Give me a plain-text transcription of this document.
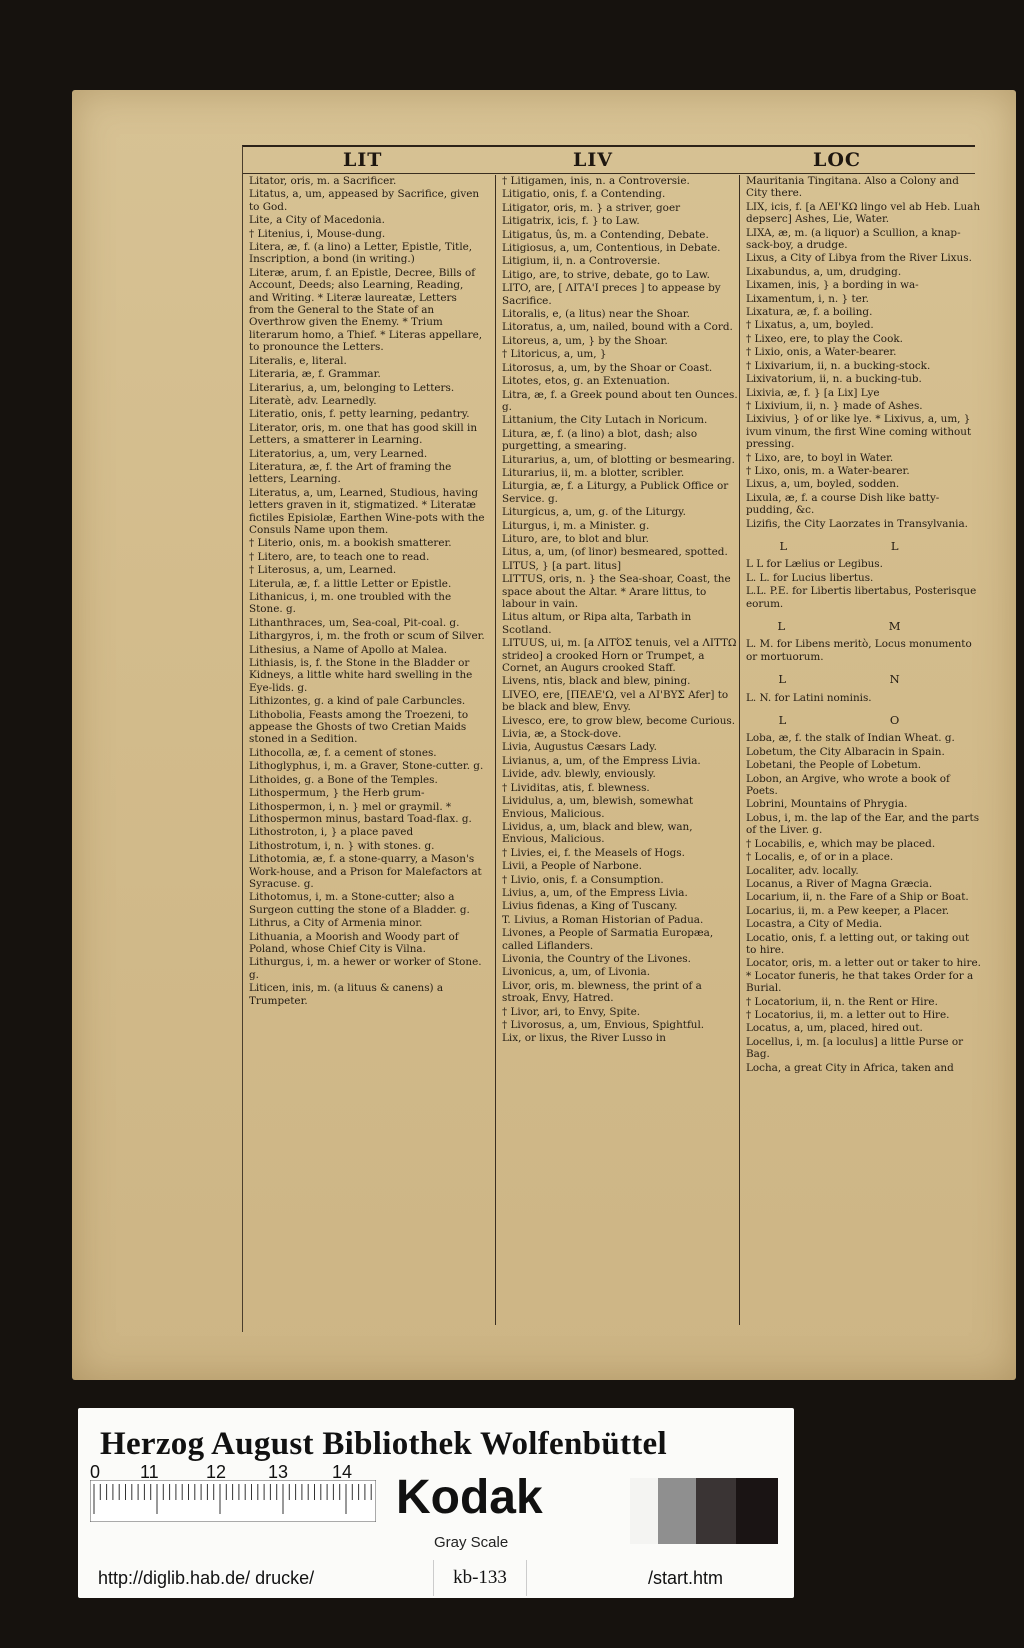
LIT	LIV	LOC
Litator, oris, m. a Sacrificer.
Litatus, a, um, appeased by Sacrifice, given to God.
Lite, a City of Macedonia.
† Litenius, i, Mouse-dung.
Litera, æ, f. (a lino) a Letter, Epistle, Title, Inscription, a bond (in writing.)
Literæ, arum, f. an Epistle, Decree, Bills of Account, Deeds; also Learning, Reading, and Writing. * Literæ laureatæ, Letters from the General to the State of an Overthrow given the Enemy. * Trium literarum homo, a Thief. * Literas appellare, to pronounce the Letters.
Literalis, e, literal.
Literaria, æ, f. Grammar.
Literarius, a, um, belonging to Letters.
Literatè, adv. Learnedly.
Literatio, onis, f. petty learning, pedantry.
Literator, oris, m. one that has good skill in Letters, a smatterer in Learning.
Literatorius, a, um, very Learned.
Literatura, æ, f. the Art of framing the letters, Learning.
Literatus, a, um, Learned, Studious, having letters graven in it, stigmatized. * Literatæ fictiles Episiolæ, Earthen Wine-pots with the Consuls Name upon them.
† Literio, onis, m. a bookish smatterer.
† Litero, are, to teach one to read.
† Literosus, a, um, Learned.
Literula, æ, f. a little Letter or Epistle.
Lithanicus, i, m. one troubled with the Stone. g.
Lithanthraces, um, Sea-coal, Pit-coal. g.
Lithargyros, i, m. the froth or scum of Silver.
Lithesius, a Name of Apollo at Malea.
Lithiasis, is, f. the Stone in the Bladder or Kidneys, a little white hard swelling in the Eye-lids. g.
Lithizontes, g. a kind of pale Carbuncles.
Lithobolia, Feasts among the Troezeni, to appease the Ghosts of two Cretian Maids stoned in a Sedition.
Lithocolla, æ, f. a cement of stones.
Lithoglyphus, i, m. a Graver, Stone-cutter. g.
Lithoides, g. a Bone of the Temples.
Lithospermum, } the Herb grum-
Lithospermon, i, n. } mel or graymil. * Lithospermon minus, bastard Toad-flax. g.
Lithostroton, i, } a place paved
Lithostrotum, i, n. } with stones. g.
Lithotomia, æ, f. a stone-quarry, a Mason's Work-house, and a Prison for Malefactors at Syracuse. g.
Lithotomus, i, m. a Stone-cutter; also a Surgeon cutting the stone of a Bladder. g.
Lithrus, a City of Armenia minor.
Lithuania, a Moorish and Woody part of Poland, whose Chief City is Vilna.
Lithurgus, i, m. a hewer or worker of Stone. g.
Liticen, inis, m. (a lituus & canens) a Trumpeter.
† Litigamen, inis, n. a Controversie.
Litigatio, onis, f. a Contending.
Litigator, oris, m. } a striver, goer
Litigatrix, icis, f. } to Law.
Litigatus, ûs, m. a Contending, Debate.
Litigiosus, a, um, Contentious, in Debate.
Litigium, ii, n. a Controversie.
Litigo, are, to strive, debate, go to Law.
LITO, are, [ ΛΙΤΑ'Ι preces ] to appease by Sacrifice.
Litoralis, e, (a litus) near the Shoar.
Litoratus, a, um, nailed, bound with a Cord.
Litoreus, a, um, } by the Shoar.
† Litoricus, a, um, }
Litorosus, a, um, by the Shoar or Coast.
Litotes, etos, g. an Extenuation.
Litra, æ, f. a Greek pound about ten Ounces. g.
Littanium, the City Lutach in Noricum.
Litura, æ, f. (a lino) a blot, dash; also purgetting, a smearing.
Liturarius, a, um, of blotting or besmearing.
Liturarius, ii, m. a blotter, scribler.
Liturgia, æ, f. a Liturgy, a Publick Office or Service. g.
Liturgicus, a, um, g. of the Liturgy.
Liturgus, i, m. a Minister. g.
Lituro, are, to blot and blur.
Litus, a, um, (of linor) besmeared, spotted.
LITUS, } [a part. litus]
LITTUS, oris, n. } the Sea-shoar, Coast, the space about the Altar. * Arare littus, to labour in vain.
Litus altum, or Ripa alta, Tarbath in Scotland.
LITUUS, ui, m. [a ΛΙΤΌΣ tenuis, vel a ΛΙΤΤΩ strideo] a crooked Horn or Trumpet, a Cornet, an Augurs crooked Staff.
Livens, ntis, black and blew, pining.
LIVEO, ere, [ΠΕΛΕ'Ω, vel a ΛΙ'ΒΥΣ Afer] to be black and blew, Envy.
Livesco, ere, to grow blew, become Curious.
Livia, æ, a Stock-dove.
Livia, Augustus Cæsars Lady.
Livianus, a, um, of the Empress Livia.
Livide, adv. blewly, enviously.
† Lividitas, atis, f. blewness.
Lividulus, a, um, blewish, somewhat Envious, Malicious.
Lividus, a, um, black and blew, wan, Envious, Malicious.
† Livies, ei, f. the Measels of Hogs.
Livii, a People of Narbone.
† Livio, onis, f. a Consumption.
Livius, a, um, of the Empress Livia.
Livius fidenas, a King of Tuscany.
T. Livius, a Roman Historian of Padua.
Livones, a People of Sarmatia Europæa, called Liflanders.
Livonia, the Country of the Livones.
Livonicus, a, um, of Livonia.
Livor, oris, m. blewness, the print of a stroak, Envy, Hatred.
† Livor, ari, to Envy, Spite.
† Livorosus, a, um, Envious, Spightful.
Lix, or lixus, the River Lusso in
Mauritania Tingitana. Also a Colony and City there.
LIX, icis, f. [a ΛΕΙ'ΚΩ lingo vel ab Heb. Luah depserc] Ashes, Lie, Water.
LIXA, æ, m. (a liquor) a Scullion, a knap-sack-boy, a drudge.
Lixus, a City of Libya from the River Lixus.
Lixabundus, a, um, drudging.
Lixamen, inis, } a bording in wa-
Lixamentum, i, n. } ter.
Lixatura, æ, f. a boiling.
† Lixatus, a, um, boyled.
† Lixeo, ere, to play the Cook.
† Lixio, onis, a Water-bearer.
† Lixivarium, ii, n. a bucking-stock.
Lixivatorium, ii, n. a bucking-tub.
Lixivia, æ, f. } [a Lix] Lye
† Lixivium, ii, n. } made of Ashes.
Lixivius, } of or like lye. * Lixivus, a, um, } ivum vinum, the first Wine coming without pressing.
† Lixo, are, to boyl in Water.
† Lixo, onis, m. a Water-bearer.
Lixus, a, um, boyled, sodden.
Lixula, æ, f. a course Dish like batty-pudding, &c.
Lizifis, the City Laorzates in Transylvania.
L L
L L for Lælius or Legibus.
L. L. for Lucius libertus.
L.L. P.E. for Libertis libertabus, Posterisque eorum.
L M
L. M. for Libens meritò, Locus monumento or mortuorum.
L N
L. N. for Latini nominis.
L O
Loba, æ, f. the stalk of Indian Wheat. g.
Lobetum, the City Albaracin in Spain.
Lobetani, the People of Lobetum.
Lobon, an Argive, who wrote a book of Poets.
Lobrini, Mountains of Phrygia.
Lobus, i, m. the lap of the Ear, and the parts of the Liver. g.
† Locabilis, e, which may be placed.
† Localis, e, of or in a place.
Localiter, adv. locally.
Locanus, a River of Magna Græcia.
Locarium, ii, n. the Fare of a Ship or Boat.
Locarius, ii, m. a Pew keeper, a Placer.
Locastra, a City of Media.
Locatio, onis, f. a letting out, or taking out to hire.
Locator, oris, m. a letter out or taker to hire. * Locator funeris, he that takes Order for a Burial.
† Locatorium, ii, n. the Rent or Hire.
† Locatorius, ii, m. a letter out to Hire.
Locatus, a, um, placed, hired out.
Locellus, i, m. [a loculus] a little Purse or Bag.
Locha, a great City in Africa, taken and
Herzog August Bibliothek Wolfenbüttel
0 11	12 13 14 Kodak
Gray Scale
http://diglib.hab.de/ drucke/	kb-133	/start.htm
